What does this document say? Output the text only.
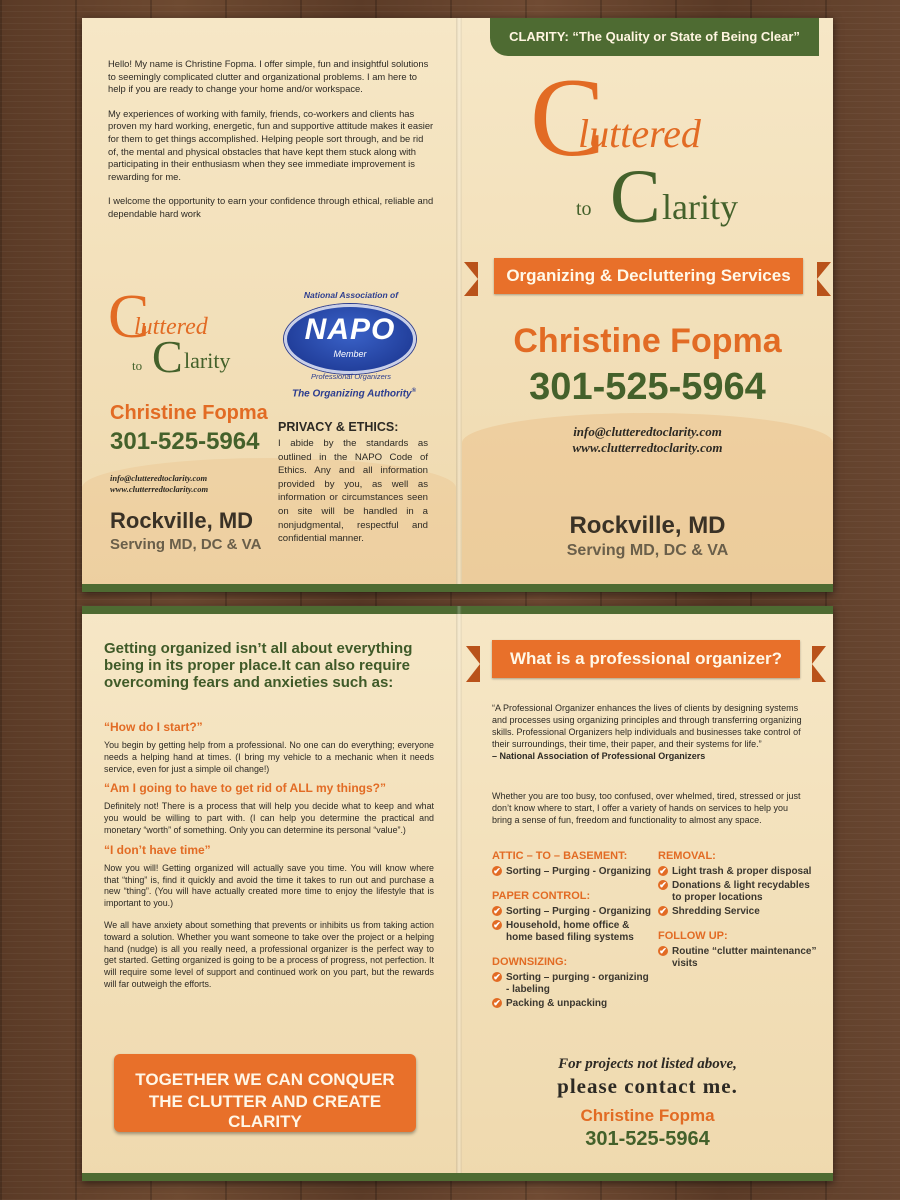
Hello! My name is Christine Fopma. I offer simple, fun and insightful solutions to seemingly complicated clutter and organizational problems. I am here to help if you are ready to change your home and/or workspace.

My experiences of working with family, friends, co-workers and clients has proven my hard working, energetic, fun and supportive attitude makes it easier for them to get things accomplished. Helping people sort through, and be rid of, the mental and physical obstacles that have kept them stuck along with participating in their enthusiasm when they see immediate improvement is rewarding for me.

I welcome the opportunity to earn your confidence through ethical, reliable and dependable hard work

C
luttered
to C larity
Christine Fopma
301-525-5964
info@clutteredtoclarity.com
www.clutterredtoclarity.com
Rockville, MD
Serving MD, DC & VA
National Association of
NAPO
Member
Professional Organizers
The Organizing Authority®
PRIVACY & ETHICS:
I abide by the standards as outlined in the NAPO Code of Ethics. Any and all information provided by you, as well as information or circumstances seen on site will be handled in a nonjudgmental, respectful and confidential manner.
CLARITY: “The Quality or State of Being Clear”
C
luttered
to C larity
Organizing & Decluttering Services
Christine Fopma
301-525-5964
info@clutteredtoclarity.com
www.clutterredtoclarity.com
Rockville, MD
Serving MD, DC & VA
Getting organized isn’t all about everything being in its proper place.It can also require overcoming fears and anxieties such as:
“How do I start?”
You begin by getting help from a professional. No one can do everything; everyone needs a helping hand at times. (I bring my vehicle to a mechanic when it needs service, even for just a simple oil change!)
“Am I going to have to get rid of ALL my things?”
Definitely not! There is a process that will help you decide what to keep and what you would be willing to part with. (I can help you determine the practical and monetary “worth” of something. Only you can determine its personal “value”.)
“I don’t have time”
Now you will! Getting organized will actually save you time. You will know where that “thing” is, find it quickly and avoid the time it takes to run out and purchase a new “thing”. (You will have actually created more time to enjoy the lifestyle that is important to you.)
We all have anxiety about something that prevents or inhibits us from taking action toward a solution. Whether you want someone to take over the project or a helping hand (nudge) is all you really need, a professional organizer is the perfect way to get started. Getting organized is going to be a process of progress, not perfection. It will require some level of support and continued work on you part, but the rewards will far outweigh the efforts.
TOGETHER WE CAN CONQUER
THE CLUTTER AND CREATE CLARITY
What is a professional organizer?
“A Professional Organizer enhances the lives of clients by designing systems and processes using organizing principles and through transferring organizing skills. Professional Organizers help individuals and businesses take control of their surroundings, their time, their paper, and their systems for life.”
– National Association of Professional Organizers
Whether you are too busy, too confused, over whelmed, tired, stressed or just don’t know where to start, I offer a variety of hands on services to help you bring a sense of fun, freedom and functionality to almost any space.
ATTIC – TO – BASEMENT:
✔ Sorting – Purging - Organizing
PAPER CONTROL:
✔ Sorting – Purging - Organizing
✔ Household, home office & home based filing systems
DOWNSIZING:
✔ Sorting – purging - organizing - labeling
✔ Packing & unpacking
REMOVAL:
✔ Light trash & proper disposal
✔ Donations & light recydables to proper locations
✔ Shredding Service
FOLLOW UP:
✔ Routine “clutter maintenance” visits
For projects not listed above,
please contact me.
Christine Fopma
301-525-5964
